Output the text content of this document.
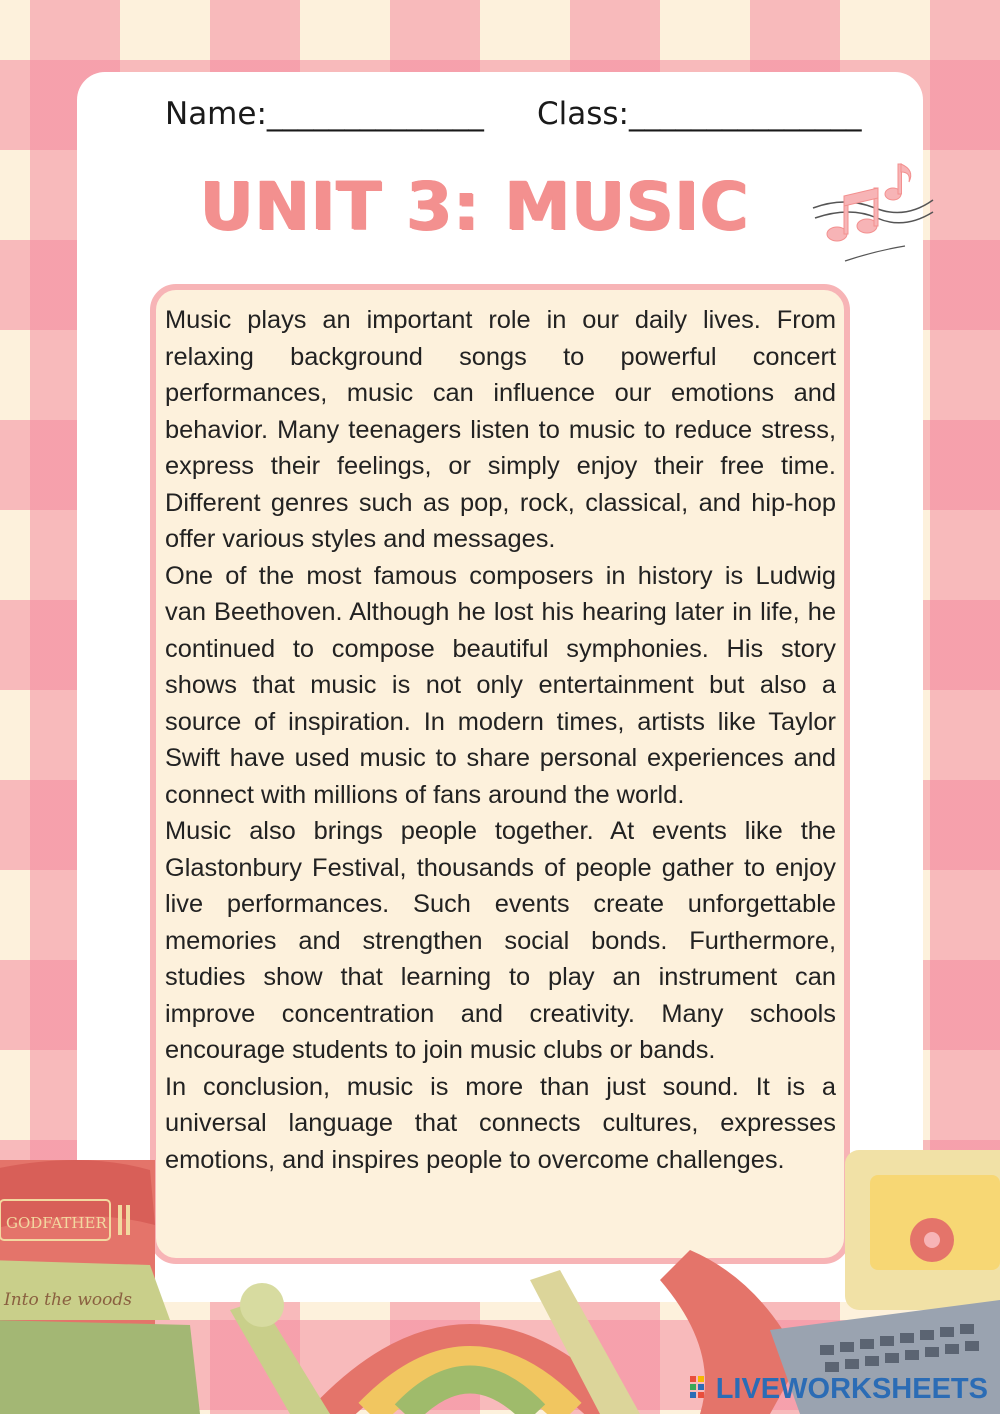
Name:______________ Class:_______________
UNIT 3: MUSIC

Music plays an important role in our daily lives. From relaxing background songs to powerful concert performances, music can influence our emotions and behavior. Many teenagers listen to music to reduce stress, express their feelings, or simply enjoy their free time. Different genres such as pop, rock, classical, and hip-hop offer various styles and messages.

One of the most famous composers in history is Ludwig van Beethoven. Although he lost his hearing later in life, he continued to compose beautiful symphonies. His story shows that music is not only entertainment but also a source of inspiration. In modern times, artists like Taylor Swift have used music to share personal experiences and connect with millions of fans around the world.

Music also brings people together. At events like the Glastonbury Festival, thousands of people gather to enjoy live performances. Such events create unforgettable memories and strengthen social bonds. Furthermore, studies show that learning to play an instrument can improve concentration and creativity. Many schools encourage students to join music clubs or bands.

In conclusion, music is more than just sound. It is a universal language that connects cultures, expresses emotions, and inspires people to overcome challenges.

GODFATHER
Into the woods
LIVEWORKSHEETS
